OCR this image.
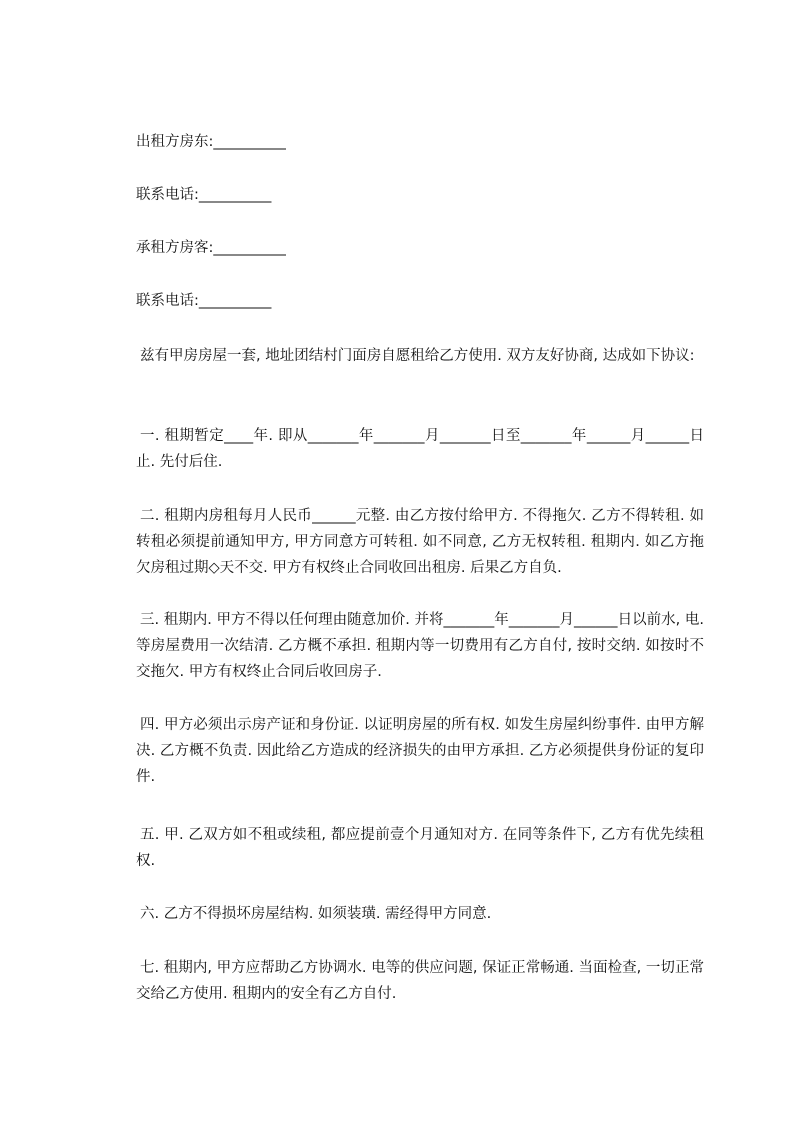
出租方房东:__________

联系电话:__________

承租方房客:__________

联系电话:__________

兹有甲房房屋一套, 地址团结村门面房自愿租给乙方使用. 双方友好协商, 达成如下协议:

一. 租期暂定____年. 即从_______年_______月_______日至_______年______月______日止. 先付后住.

二. 租期内房租每月人民币______元整. 由乙方按付给甲方. 不得拖欠. 乙方不得转租. 如转租必须提前通知甲方, 甲方同意方可转租. 如不同意, 乙方无权转租. 租期内. 如乙方拖欠房租过期◇天不交. 甲方有权终止合同收回出租房. 后果乙方自负.

三. 租期内. 甲方不得以任何理由随意加价. 并将_______年_______月______日以前水, 电. 等房屋费用一次结清. 乙方概不承担. 租期内等一切费用有乙方自付, 按时交纳. 如按时不交拖欠. 甲方有权终止合同后收回房子.

四. 甲方必须出示房产证和身份证. 以证明房屋的所有权. 如发生房屋纠纷事件. 由甲方解决. 乙方概不负责. 因此给乙方造成的经济损失的由甲方承担. 乙方必须提供身份证的复印件.

五. 甲. 乙双方如不租或续租, 都应提前壹个月通知对方. 在同等条件下, 乙方有优先续租权.

六. 乙方不得损坏房屋结构. 如须装璜. 需经得甲方同意.

七. 租期内, 甲方应帮助乙方协调水. 电等的供应问题, 保证正常畅通. 当面检查, 一切正常交给乙方使用. 租期内的安全有乙方自付.
